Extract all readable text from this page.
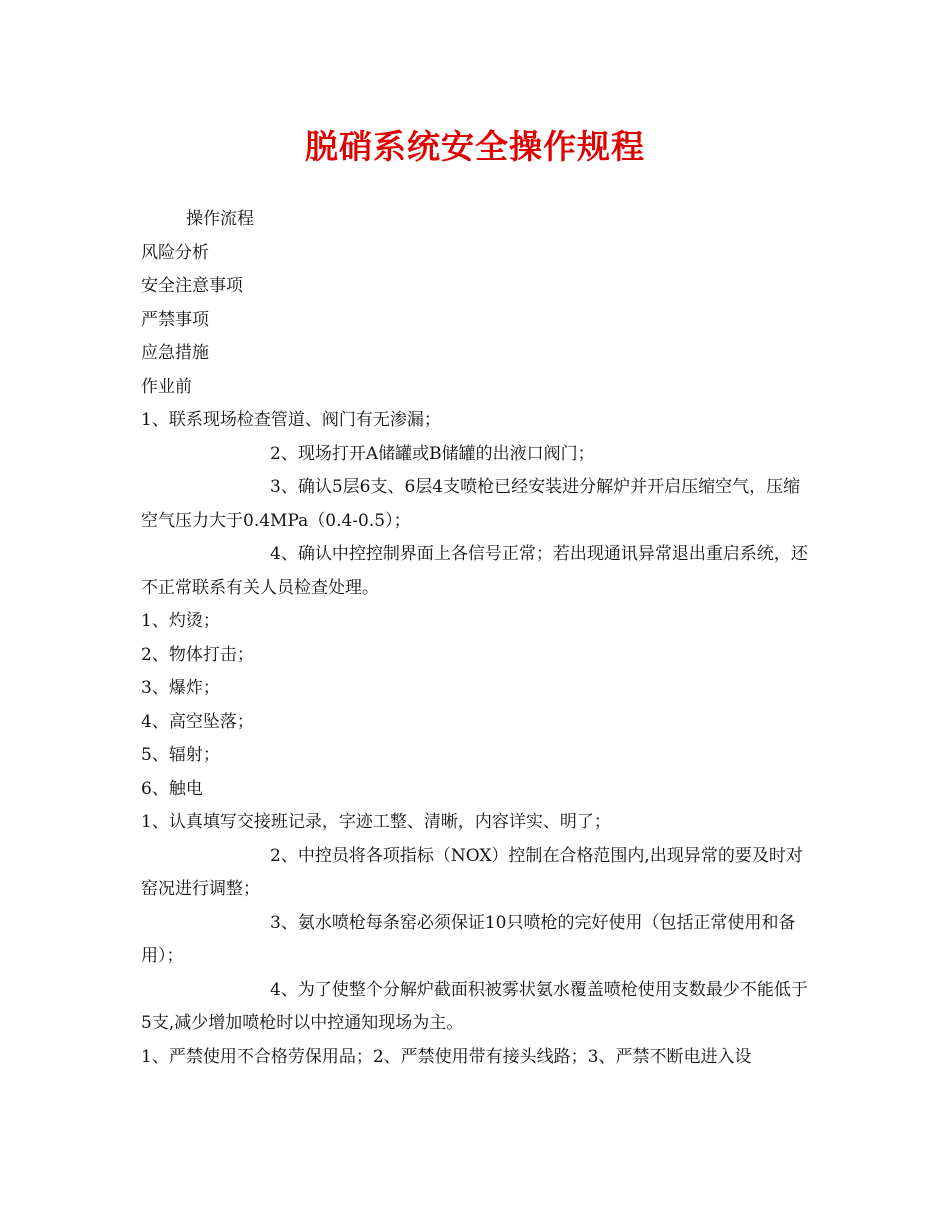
脱硝系统安全操作规程

操作流程

风险分析

安全注意事项

严禁事项

应急措施

作业前

1、联系现场检查管道、阀门有无渗漏；

2、现场打开A储罐或B储罐的出液口阀门；

3、确认5层6支、6层4支喷枪已经安装进分解炉并开启压缩空气，压缩空气压力大于0.4MPa（0.4-0.5）；

4、确认中控控制界面上各信号正常；若出现通讯异常退出重启系统，还不正常联系有关人员检查处理。

1、灼烫；

2、物体打击；

3、爆炸；

4、高空坠落；

5、辐射；

6、触电

1、认真填写交接班记录，字迹工整、清晰，内容详实、明了；

2、中控员将各项指标（NOX）控制在合格范围内,出现异常的要及时对窑况进行调整；

3、氨水喷枪每条窑必须保证10只喷枪的完好使用（包括正常使用和备用）；

4、为了使整个分解炉截面积被雾状氨水覆盖喷枪使用支数最少不能低于5支,减少增加喷枪时以中控通知现场为主。

1、严禁使用不合格劳保用品；2、严禁使用带有接头线路；3、严禁不断电进入设
